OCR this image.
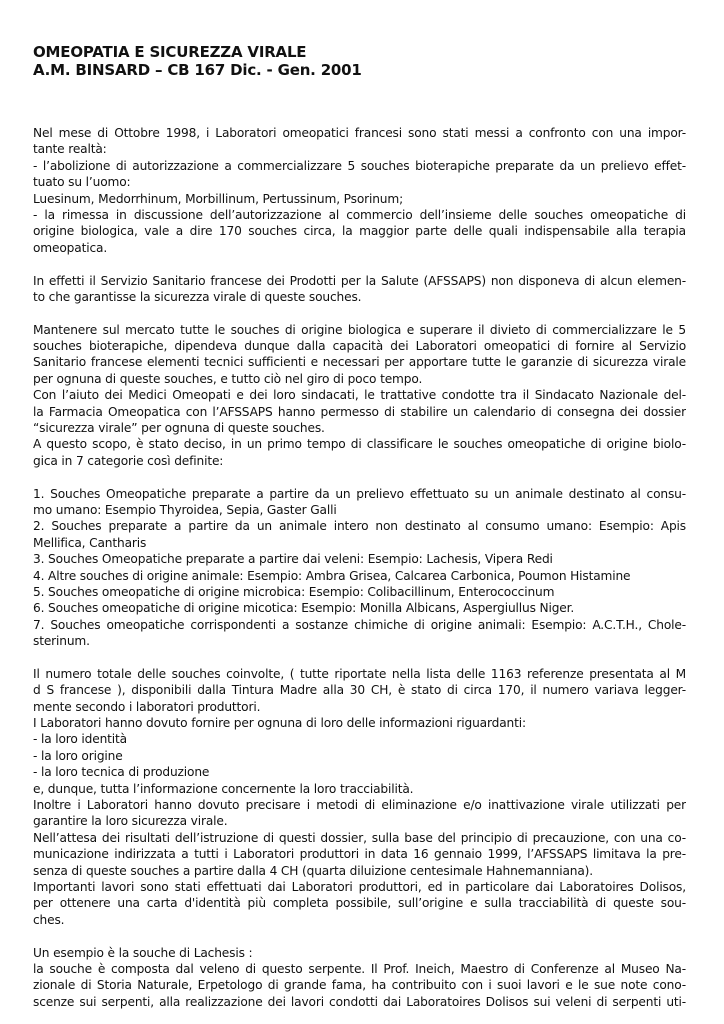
OMEOPATIA E SICUREZZA VIRALE
A.M. BINSARD – CB 167 Dic. - Gen. 2001
Nel mese di Ottobre 1998, i Laboratori omeopatici francesi sono stati messi a confronto con una impor-
tante realtà:
- l’abolizione di autorizzazione a commercializzare 5 souches bioterapiche preparate da un prelievo effet-
tuato su l’uomo:
Luesinum, Medorrhinum, Morbillinum, Pertussinum, Psorinum;
- la rimessa in discussione dell’autorizzazione al commercio dell’insieme delle souches omeopatiche di
origine biologica, vale a dire 170 souches circa, la maggior parte delle quali indispensabile alla terapia
omeopatica.
In effetti il Servizio Sanitario francese dei Prodotti per la Salute (AFSSAPS) non disponeva di alcun elemen-
to che garantisse la sicurezza virale di queste souches.
Mantenere sul mercato tutte le souches di origine biologica e superare il divieto di commercializzare le 5
souches bioterapiche, dipendeva dunque dalla capacità dei Laboratori omeopatici di fornire al Servizio
Sanitario francese elementi tecnici sufficienti e necessari per apportare tutte le garanzie di sicurezza virale
per ognuna di queste souches, e tutto ciò nel giro di poco tempo.
Con l’aiuto dei Medici Omeopati e dei loro sindacati, le trattative condotte tra il Sindacato Nazionale del-
la Farmacia Omeopatica con l’AFSSAPS hanno permesso di stabilire un calendario di consegna dei dossier
“sicurezza virale” per ognuna di queste souches.
A questo scopo, è stato deciso, in un primo tempo di classificare le souches omeopatiche di origine biolo-
gica in 7 categorie così definite:
1. Souches Omeopatiche preparate a partire da un prelievo effettuato su un animale destinato al consu-
mo umano: Esempio Thyroidea, Sepia, Gaster Galli
2. Souches preparate a partire da un animale intero non destinato al consumo umano: Esempio: Apis
Mellifica, Cantharis
3. Souches Omeopatiche preparate a partire dai veleni: Esempio: Lachesis, Vipera Redi
4. Altre souches di origine animale: Esempio: Ambra Grisea, Calcarea Carbonica, Poumon Histamine
5. Souches omeopatiche di origine microbica: Esempio: Colibacillinum, Enterococcinum
6. Souches omeopatiche di origine micotica: Esempio: Monilla Albicans, Aspergiullus Niger.
7. Souches omeopatiche corrispondenti a sostanze chimiche di origine animali: Esempio: A.C.T.H., Chole-
sterinum.
Il numero totale delle souches coinvolte, ( tutte riportate nella lista delle 1163 referenze presentata al M
d S francese ), disponibili dalla Tintura Madre alla 30 CH, è stato di circa 170, il numero variava legger-
mente secondo i laboratori produttori.
I Laboratori hanno dovuto fornire per ognuna di loro delle informazioni riguardanti:
- la loro identità
- la loro origine
- la loro tecnica di produzione
e, dunque, tutta l’informazione concernente la loro tracciabilità.
Inoltre i Laboratori hanno dovuto precisare i metodi di eliminazione e/o inattivazione virale utilizzati per
garantire la loro sicurezza virale.
Nell’attesa dei risultati dell’istruzione di questi dossier, sulla base del principio di precauzione, con una co-
municazione indirizzata a tutti i Laboratori produttori in data 16 gennaio 1999, l’AFSSAPS limitava la pre-
senza di queste souches a partire dalla 4 CH (quarta diluizione centesimale Hahnemanniana).
Importanti lavori sono stati effettuati dai Laboratori produttori, ed in particolare dai Laboratoires Dolisos,
per ottenere una carta d'identità più completa possibile, sull’origine e sulla tracciabilità di queste sou-
ches.
Un esempio è la souche di Lachesis :
la souche è composta dal veleno di questo serpente. Il Prof. Ineich, Maestro di Conferenze al Museo Na-
zionale di Storia Naturale, Erpetologo di grande fama, ha contribuito con i suoi lavori e le sue note cono-
scenze sui serpenti, alla realizzazione dei lavori condotti dai Laboratoires Dolisos sui veleni di serpenti uti-
